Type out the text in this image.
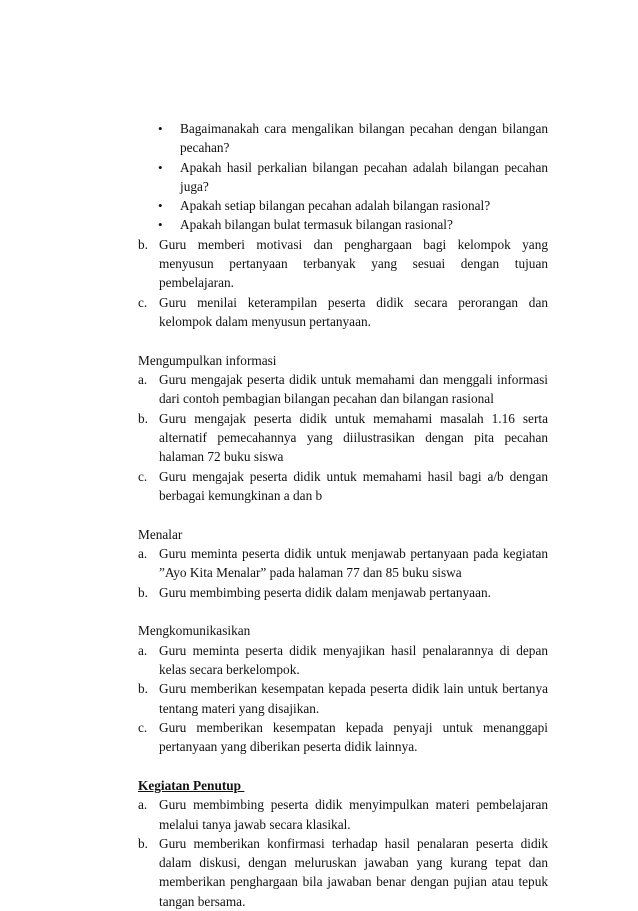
• Bagaimanakah cara mengalikan bilangan pecahan dengan bilangan pecahan?
• Apakah hasil perkalian bilangan pecahan adalah bilangan pecahan juga?
• Apakah setiap bilangan pecahan adalah bilangan rasional?
• Apakah bilangan bulat termasuk bilangan rasional?
b. Guru memberi motivasi dan penghargaan bagi kelompok yang menyusun pertanyaan terbanyak yang sesuai dengan tujuan pembelajaran.
c. Guru menilai keterampilan peserta didik secara perorangan dan kelompok dalam menyusun pertanyaan.
Mengumpulkan informasi
a. Guru mengajak peserta didik untuk memahami dan menggali informasi dari contoh pembagian bilangan pecahan dan bilangan rasional
b. Guru mengajak peserta didik untuk memahami masalah 1.16 serta alternatif pemecahannya yang diilustrasikan dengan pita pecahan halaman 72 buku siswa
c. Guru mengajak peserta didik untuk memahami hasil bagi a/b dengan berbagai kemungkinan a dan b
Menalar
a. Guru meminta peserta didik untuk menjawab pertanyaan pada kegiatan ”Ayo Kita Menalar” pada halaman 77 dan 85 buku siswa
b. Guru membimbing peserta didik dalam menjawab pertanyaan.
Mengkomunikasikan
a. Guru meminta peserta didik menyajikan hasil penalarannya di depan kelas secara berkelompok.
b. Guru memberikan kesempatan kepada peserta didik lain untuk bertanya tentang materi yang disajikan.
c. Guru memberikan kesempatan kepada penyaji untuk menanggapi pertanyaan yang diberikan peserta didik lainnya.
Kegiatan Penutup
a. Guru membimbing peserta didik menyimpulkan materi pembelajaran melalui tanya jawab secara klasikal.
b. Guru memberikan konfirmasi terhadap hasil penalaran peserta didik dalam diskusi, dengan meluruskan jawaban yang kurang tepat dan memberikan penghargaan bila jawaban benar dengan pujian atau tepuk tangan bersama.
